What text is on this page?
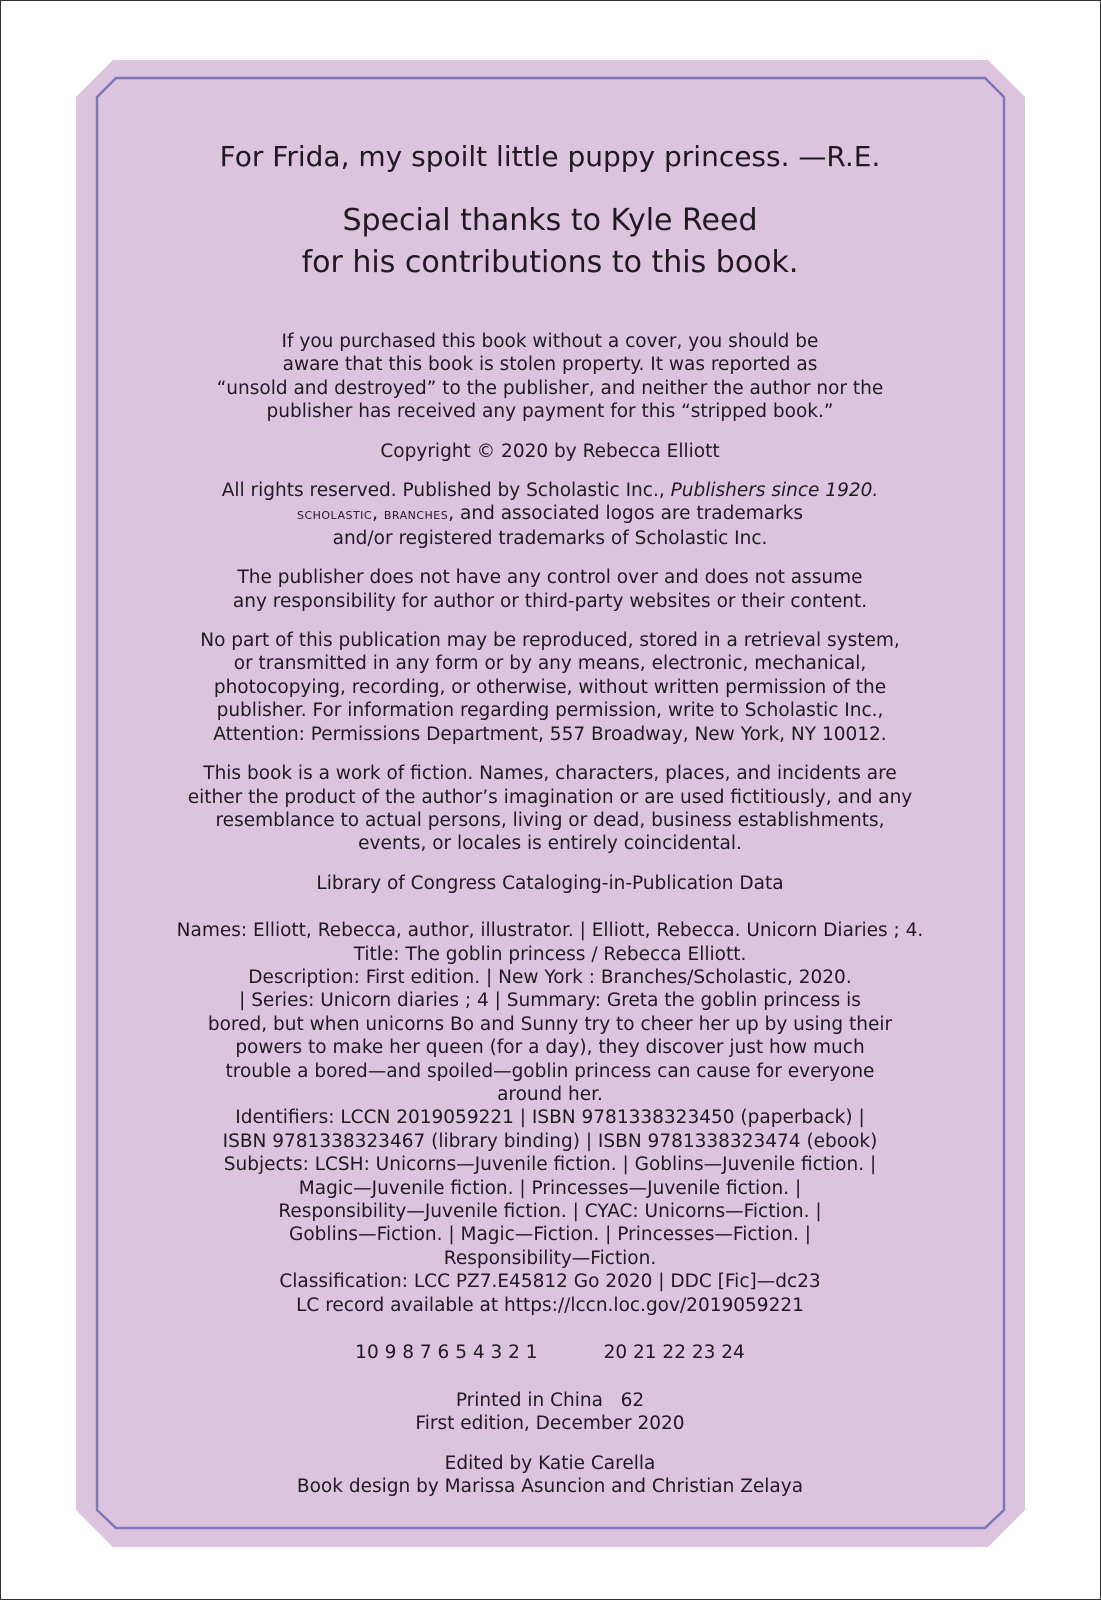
For Frida, my spoilt little puppy princess. —R.E.

Special thanks to Kyle Reed
for his contributions to this book.

If you purchased this book without a cover, you should be
aware that this book is stolen property. It was reported as
“unsold and destroyed” to the publisher, and neither the author nor the
publisher has received any payment for this “stripped book.”

Copyright © 2020 by Rebecca Elliott

All rights reserved. Published by Scholastic Inc., Publishers since 1920.
scholastic, branches, and associated logos are trademarks
and/or registered trademarks of Scholastic Inc.

The publisher does not have any control over and does not assume
any responsibility for author or third-party websites or their content.

No part of this publication may be reproduced, stored in a retrieval system,
or transmitted in any form or by any means, electronic, mechanical,
photocopying, recording, or otherwise, without written permission of the
publisher. For information regarding permission, write to Scholastic Inc.,
Attention: Permissions Department, 557 Broadway, New York, NY 10012.

This book is a work of fiction. Names, characters, places, and incidents are
either the product of the author’s imagination or are used fictitiously, and any
resemblance to actual persons, living or dead, business establishments,
events, or locales is entirely coincidental.

Library of Congress Cataloging-in-Publication Data

Names: Elliott, Rebecca, author, illustrator. | Elliott, Rebecca. Unicorn Diaries ; 4.
Title: The goblin princess / Rebecca Elliott.
Description: First edition. | New York : Branches/Scholastic, 2020.
| Series: Unicorn diaries ; 4 | Summary: Greta the goblin princess is
bored, but when unicorns Bo and Sunny try to cheer her up by using their
powers to make her queen (for a day), they discover just how much
trouble a bored—and spoiled—goblin princess can cause for everyone
around her.
Identifiers: LCCN 2019059221 | ISBN 9781338323450 (paperback) |
ISBN 9781338323467 (library binding) | ISBN 9781338323474 (ebook)
Subjects: LCSH: Unicorns—Juvenile fiction. | Goblins—Juvenile fiction. |
Magic—Juvenile fiction. | Princesses—Juvenile fiction. |
Responsibility—Juvenile fiction. | CYAC: Unicorns—Fiction. |
Goblins—Fiction. | Magic—Fiction. | Princesses—Fiction. |
Responsibility—Fiction.
Classification: LCC PZ7.E45812 Go 2020 | DDC [Fic]—dc23
LC record available at https://lccn.loc.gov/2019059221

10 9 8 7 6 5 4 3 2 1	20 21 22 23 24

Printed in China   62
First edition, December 2020

Edited by Katie Carella
Book design by Marissa Asuncion and Christian Zelaya
